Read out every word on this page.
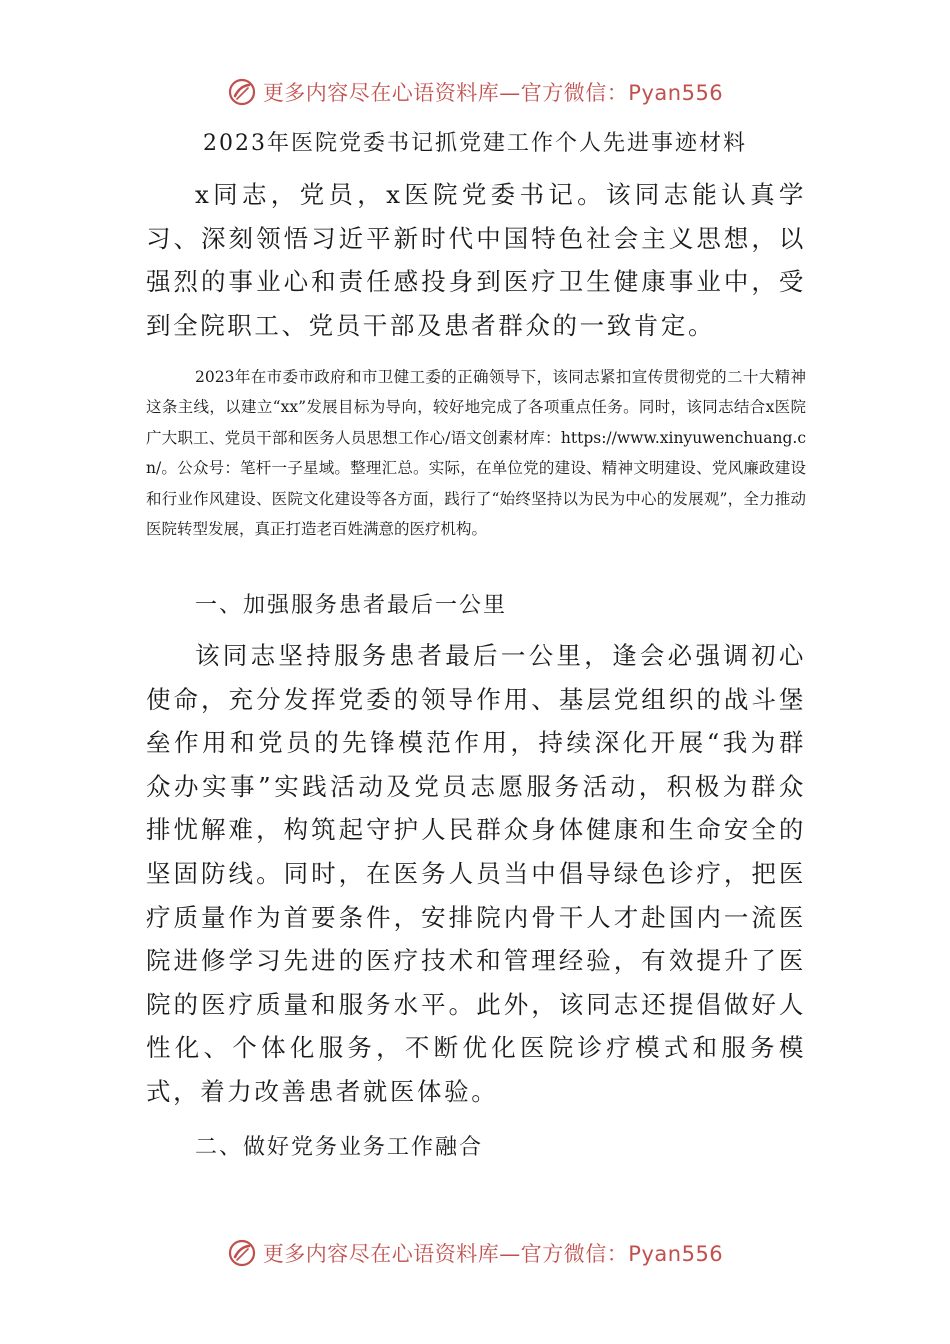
更多内容尽在心语资料库—官方微信：Pyan556
2023年医院党委书记抓党建工作个人先进事迹材料

x同志，党员，x医院党委书记。该同志能认真学习、深刻领悟习近平新时代中国特色社会主义思想，以强烈的事业心和责任感投身到医疗卫生健康事业中，受到全院职工、党员干部及患者群众的一致肯定。

2023年在市委市政府和市卫健工委的正确领导下，该同志紧扣宣传贯彻党的二十大精神这条主线，以建立“xx”发展目标为导向，较好地完成了各项重点任务。同时，该同志结合x医院广大职工、党员干部和医务人员思想工作心/语文创素材库：https://www.xinyuwenchuang.cn/。公众号：笔杆一子星域。整理汇总。实际，在单位党的建设、精神文明建设、党风廉政建设和行业作风建设、医院文化建设等各方面，践行了“始终坚持以为民为中心的发展观”，全力推动医院转型发展，真正打造老百姓满意的医疗机构。

一、加强服务患者最后一公里

该同志坚持服务患者最后一公里，逢会必强调初心使命，充分发挥党委的领导作用、基层党组织的战斗堡垒作用和党员的先锋模范作用，持续深化开展“我为群众办实事”实践活动及党员志愿服务活动，积极为群众排忧解难，构筑起守护人民群众身体健康和生命安全的坚固防线。同时，在医务人员当中倡导绿色诊疗，把医疗质量作为首要条件，安排院内骨干人才赴国内一流医院进修学习先进的医疗技术和管理经验，有效提升了医院的医疗质量和服务水平。此外，该同志还提倡做好人性化、个体化服务，不断优化医院诊疗模式和服务模式，着力改善患者就医体验。

二、做好党务业务工作融合
更多内容尽在心语资料库—官方微信：Pyan556
